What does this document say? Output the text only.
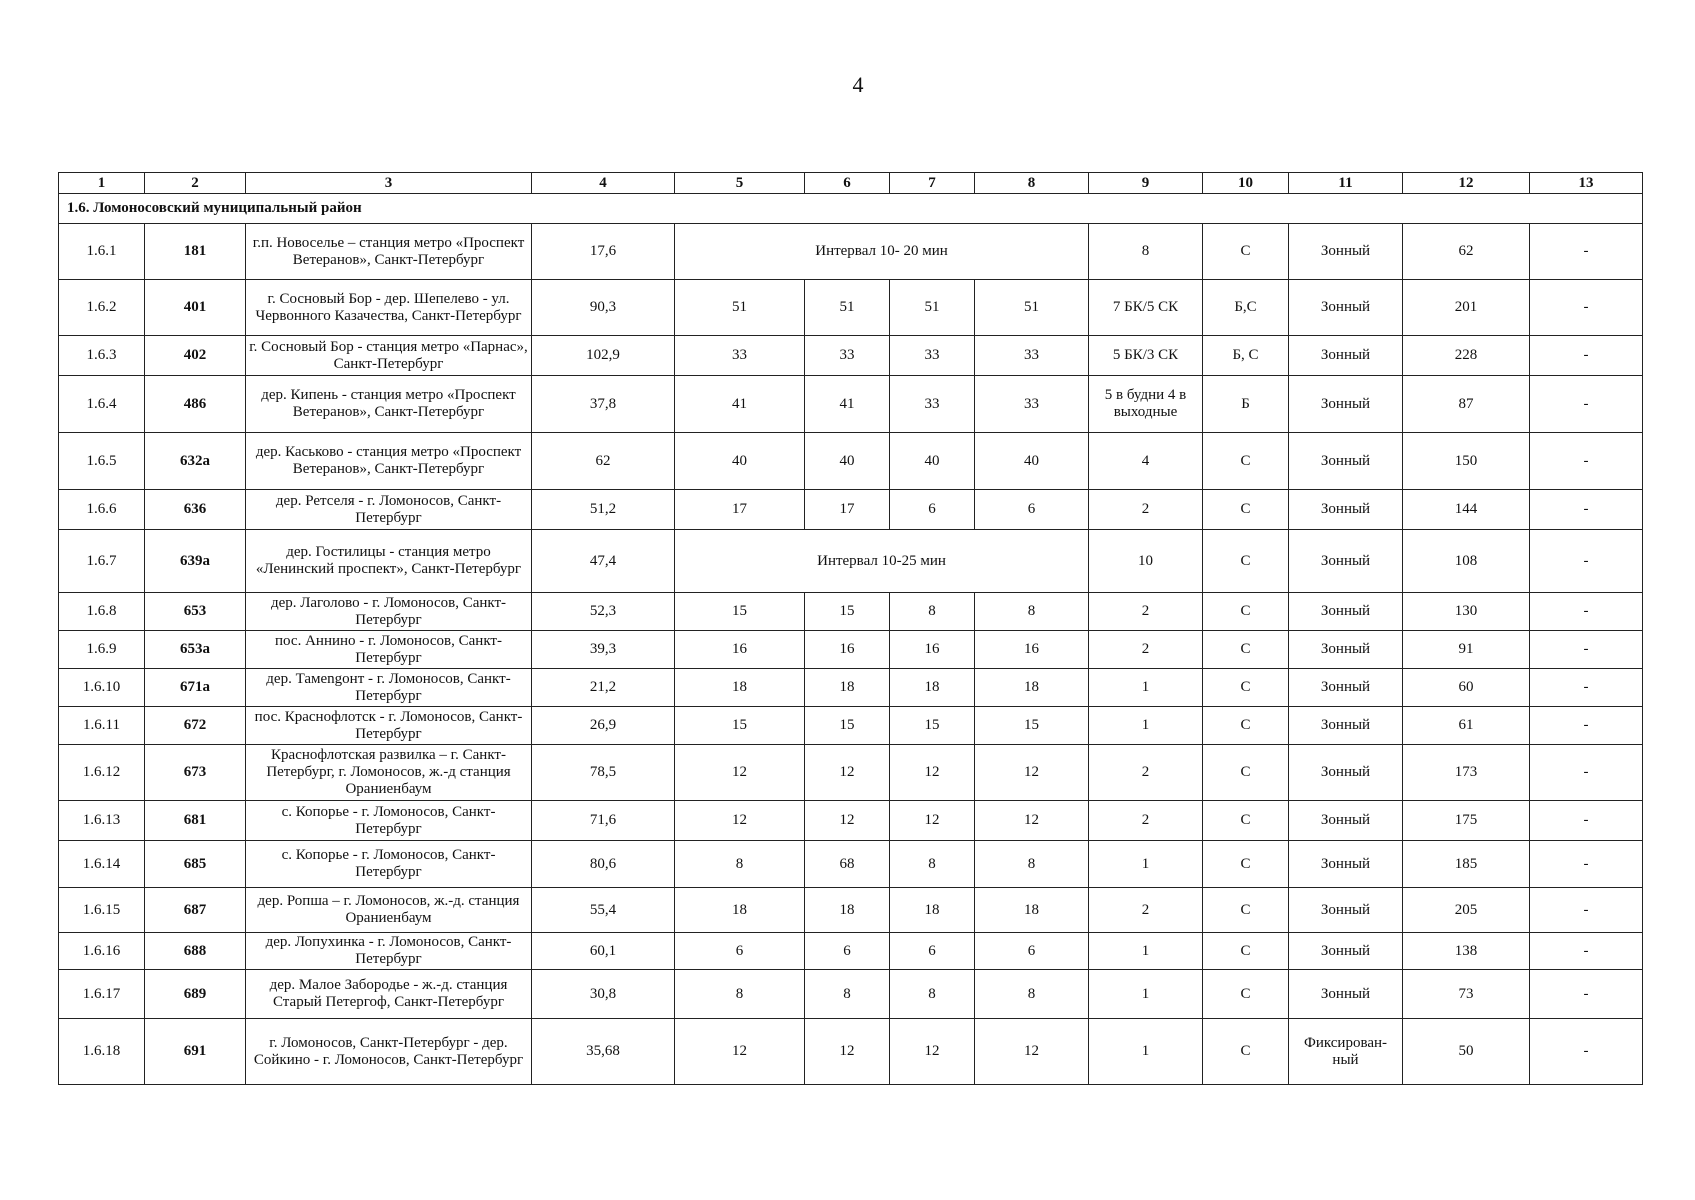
4
1	2	3	4	5	6	7	8	9	10	11	12	13
1.6. Ломоносовский муниципальный район												
1.6.1	181	г.п. Новоселье – станция метро «Проспект Ветеранов», Санкт-Петербург	17,6	Интервал 10- 20 мин				8	С	Зонный	62	-
1.6.2	401	г. Сосновый Бор - дер. Шепелево - ул. Червонного Казачества, Санкт-Петербург	90,3	51	51	51	51	7 БК/5 СК	Б,С	Зонный	201	-
1.6.3	402	г. Сосновый Бор - станция метро «Парнас», Санкт-Петербург	102,9	33	33	33	33	5 БК/3 СК	Б, С	Зонный	228	-
1.6.4	486	дер. Кипень - станция метро «Проспект Ветеранов», Санкт-Петербург	37,8	41	41	33	33	5 в будни 4 в выходные	Б	Зонный	87	-
1.6.5	632а	дер. Каськово - станция метро «Проспект Ветеранов», Санкт-Петербург	62	40	40	40	40	4	С	Зонный	150	-
1.6.6	636	дер. Ретселя - г. Ломоносов, Санкт-Петербург	51,2	17	17	6	6	2	С	Зонный	144	-
1.6.7	639а	дер. Гостилицы - станция метро «Ленинский проспект», Санкт-Петербург	47,4	Интервал 10-25 мин				10	С	Зонный	108	-
1.6.8	653	дер. Лаголово - г. Ломоносов, Санкт-Петербург	52,3	15	15	8	8	2	С	Зонный	130	-
1.6.9	653а	пос. Аннино - г. Ломоносов, Санкт-Петербург	39,3	16	16	16	16	2	С	Зонный	91	-
1.6.10	671а	дер. Тамengонт - г. Ломоносов, Санкт-Петербург	21,2	18	18	18	18	1	С	Зонный	60	-
1.6.11	672	пос. Краснофлотск - г. Ломоносов, Санкт-Петербург	26,9	15	15	15	15	1	С	Зонный	61	-
1.6.12	673	Краснофлотская развилка – г. Санкт-Петербург, г. Ломоносов, ж.-д станция Ораниенбаум	78,5	12	12	12	12	2	С	Зонный	173	-
1.6.13	681	с. Копорье - г. Ломоносов, Санкт-Петербург	71,6	12	12	12	12	2	С	Зонный	175	-
1.6.14	685	с. Копорье - г. Ломоносов, Санкт-Петербург	80,6	8	68	8	8	1	С	Зонный	185	-
1.6.15	687	дер. Ропша – г. Ломоносов, ж.-д. станция Ораниенбаум	55,4	18	18	18	18	2	С	Зонный	205	-
1.6.16	688	дер. Лопухинка - г. Ломоносов, Санкт-Петербург	60,1	6	6	6	6	1	С	Зонный	138	-
1.6.17	689	дер. Малое Забородье - ж.-д. станция Старый Петергоф, Санкт-Петербург	30,8	8	8	8	8	1	С	Зонный	73	-
1.6.18	691	г. Ломоносов, Санкт-Петербург - дер. Сойкино - г. Ломоносов, Санкт-Петербург	35,68	12	12	12	12	1	С	Фиксирован-ный	50	-
